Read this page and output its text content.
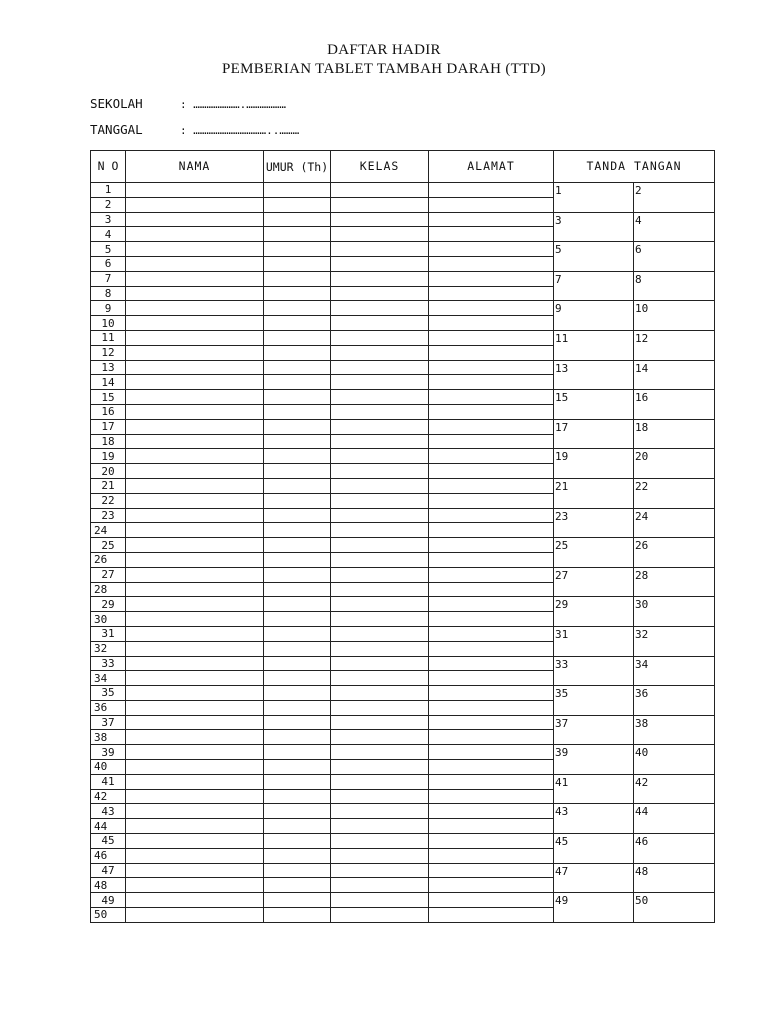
DAFTAR HADIR
PEMBERIAN TABLET TAMBAH DARAH (TTD)
SEKOLAH	: ………………….………………
TANGGAL	: ……………………………..………
N O	NAMA	UMUR (Th)	KELAS	ALAMAT	TANDA TANGAN	
1					1	2
2						
3					3	4
4						
5					5	6
6						
7					7	8
8						
9					9	10
10						
11					11	12
12						
13					13	14
14						
15					15	16
16						
17					17	18
18						
19					19	20
20						
21					21	22
22						
23					23	24
24						
25					25	26
26						
27					27	28
28						
29					29	30
30						
31					31	32
32						
33					33	34
34						
35					35	36
36						
37					37	38
38						
39					39	40
40						
41					41	42
42						
43					43	44
44						
45					45	46
46						
47					47	48
48						
49					49	50
50						
